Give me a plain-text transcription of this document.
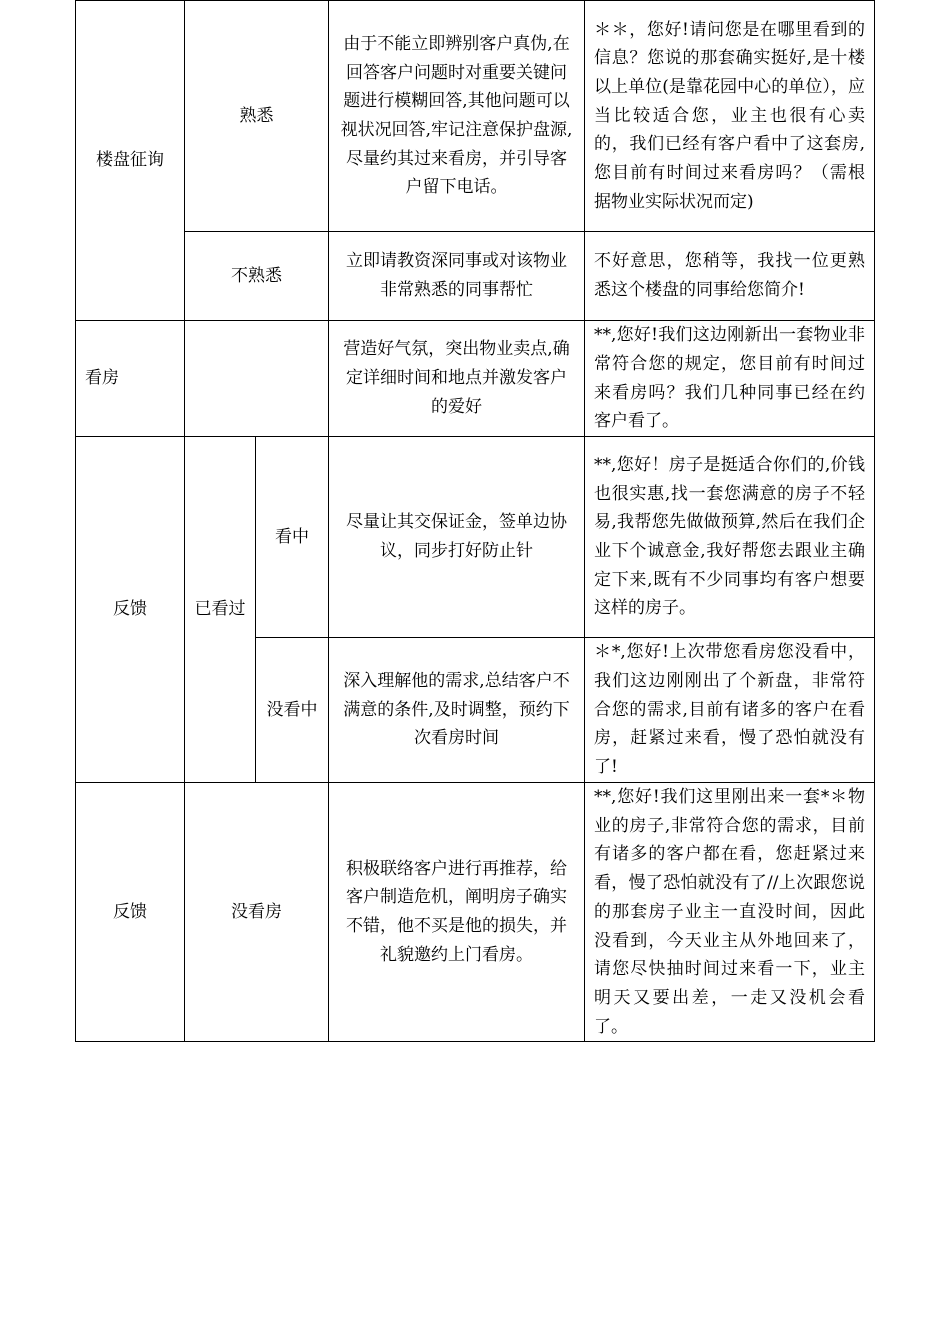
楼盘征询	熟悉		由于不能立即辨别客户真伪,在回答客户问题时对重要关键问题进行模糊回答,其他问题可以视状况回答,牢记注意保护盘源,尽量约其过来看房，并引导客户留下电话。	＊＊，您好!请问您是在哪里看到的信息？您说的那套确实挺好,是十楼以上单位(是靠花园中心的单位），应当比较适合您，业主也很有心卖的，我们已经有客户看中了这套房,您目前有时间过来看房吗？（需根据物业实际状况而定)
	不熟悉		立即请教资深同事或对该物业非常熟悉的同事帮忙	不好意思，您稍等，我找一位更熟悉这个楼盘的同事给您简介!
看房			营造好气氛，突出物业卖点,确定详细时间和地点并激发客户的爱好	**,您好!我们这边刚新出一套物业非常符合您的规定，您目前有时间过来看房吗？我们几种同事已经在约客户看了。
反馈	已看过	看中	尽量让其交保证金，签单边协议，同步打好防止针	**,您好！房子是挺适合你们的,价钱也很实惠,找一套您满意的房子不轻易,我帮您先做做预算,然后在我们企业下个诚意金,我好帮您去跟业主确定下来,既有不少同事均有客户想要这样的房子。
		没看中	深入理解他的需求,总结客户不满意的条件,及时调整，预约下次看房时间	＊*,您好!上次带您看房您没看中，我们这边刚刚出了个新盘，非常符合您的需求,目前有诸多的客户在看房，赶紧过来看，慢了恐怕就没有了!
反馈	没看房		积极联络客户进行再推荐，给客户制造危机，阐明房子确实不错，他不买是他的损失，并礼貌邀约上门看房。	**,您好!我们这里刚出来一套*＊物业的房子,非常符合您的需求，目前有诸多的客户都在看，您赶紧过来看，慢了恐怕就没有了//上次跟您说的那套房子业主一直没时间，因此没看到，今天业主从外地回来了，请您尽快抽时间过来看一下，业主明天又要出差，一走又没机会看了。
